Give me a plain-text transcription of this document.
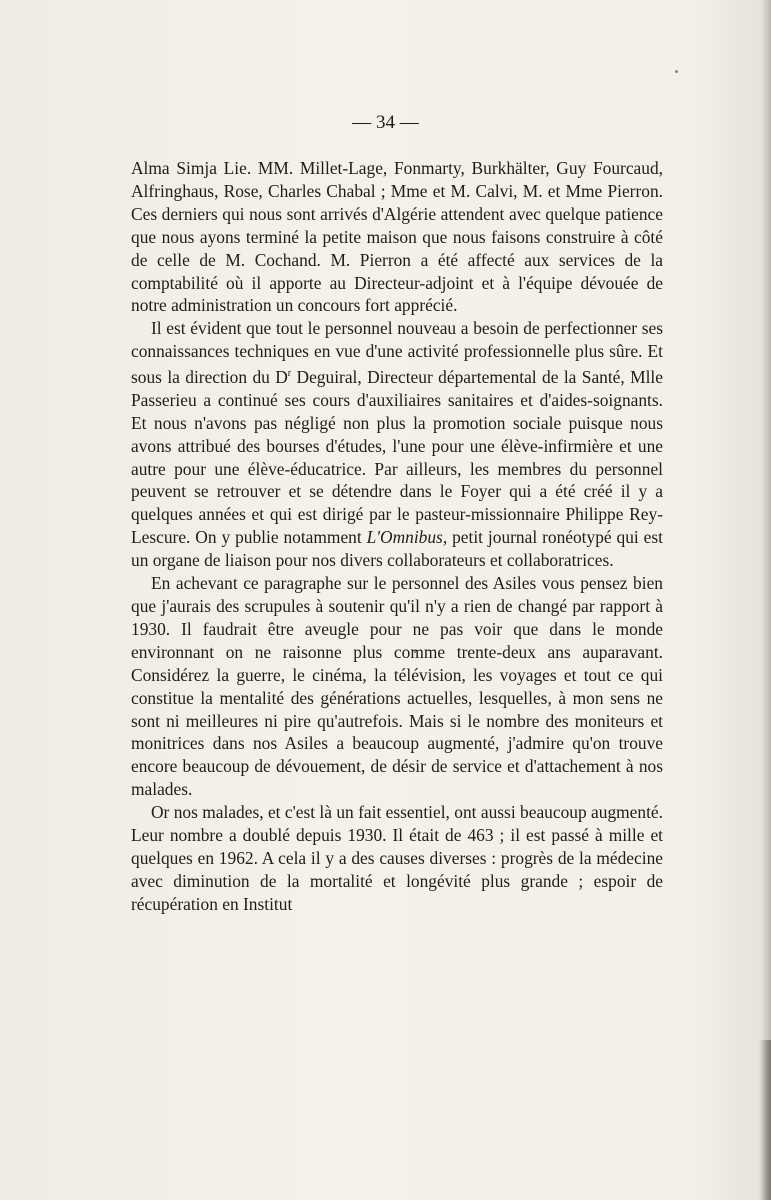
— 34 —

Alma Simja Lie. MM. Millet-Lage, Fonmarty, Burkhälter, Guy Fourcaud, Alfringhaus, Rose, Charles Chabal ; Mme et M. Calvi, M. et Mme Pierron. Ces derniers qui nous sont arrivés d'Algérie attendent avec quelque patience que nous ayons terminé la petite maison que nous faisons construire à côté de celle de M. Cochand. M. Pierron a été affecté aux services de la comptabilité où il apporte au Directeur-adjoint et à l'équipe dévouée de notre administration un concours fort apprécié.

Il est évident que tout le personnel nouveau a besoin de perfectionner ses connaissances techniques en vue d'une activité professionnelle plus sûre. Et sous la direction du $D^r$ Deguiral, Directeur départemental de la Santé, Mlle Passerieu a continué ses cours d'auxiliaires sanitaires et d'aides-soignants. Et nous n'avons pas négligé non plus la promotion sociale puisque nous avons attribué des bourses d'études, l'une pour une élève-infirmière et une autre pour une élève-éducatrice. Par ailleurs, les membres du personnel peuvent se retrouver et se détendre dans le Foyer qui a été créé il y a quelques années et qui est dirigé par le pasteur-missionnaire Philippe Rey-Lescure. On y publie notamment L'Omnibus, petit journal ronéotypé qui est un organe de liaison pour nos divers collaborateurs et collaboratrices.

En achevant ce paragraphe sur le personnel des Asiles vous pensez bien que j'aurais des scrupules à soutenir qu'il n'y a rien de changé par rapport à 1930. Il faudrait être aveugle pour ne pas voir que dans le monde environnant on ne raisonne plus comme trente-deux ans auparavant. Considérez la guerre, le cinéma, la télévision, les voyages et tout ce qui constitue la mentalité des générations actuelles, lesquelles, à mon sens ne sont ni meilleures ni pire qu'autrefois. Mais si le nombre des moniteurs et monitrices dans nos Asiles a beaucoup augmenté, j'admire qu'on trouve encore beaucoup de dévouement, de désir de service et d'attachement à nos malades.

Or nos malades, et c'est là un fait essentiel, ont aussi beaucoup augmenté. Leur nombre a doublé depuis 1930. Il était de 463 ; il est passé à mille et quelques en 1962. A cela il y a des causes diverses : progrès de la médecine avec diminution de la mortalité et longévité plus grande ; espoir de récupération en Institut
